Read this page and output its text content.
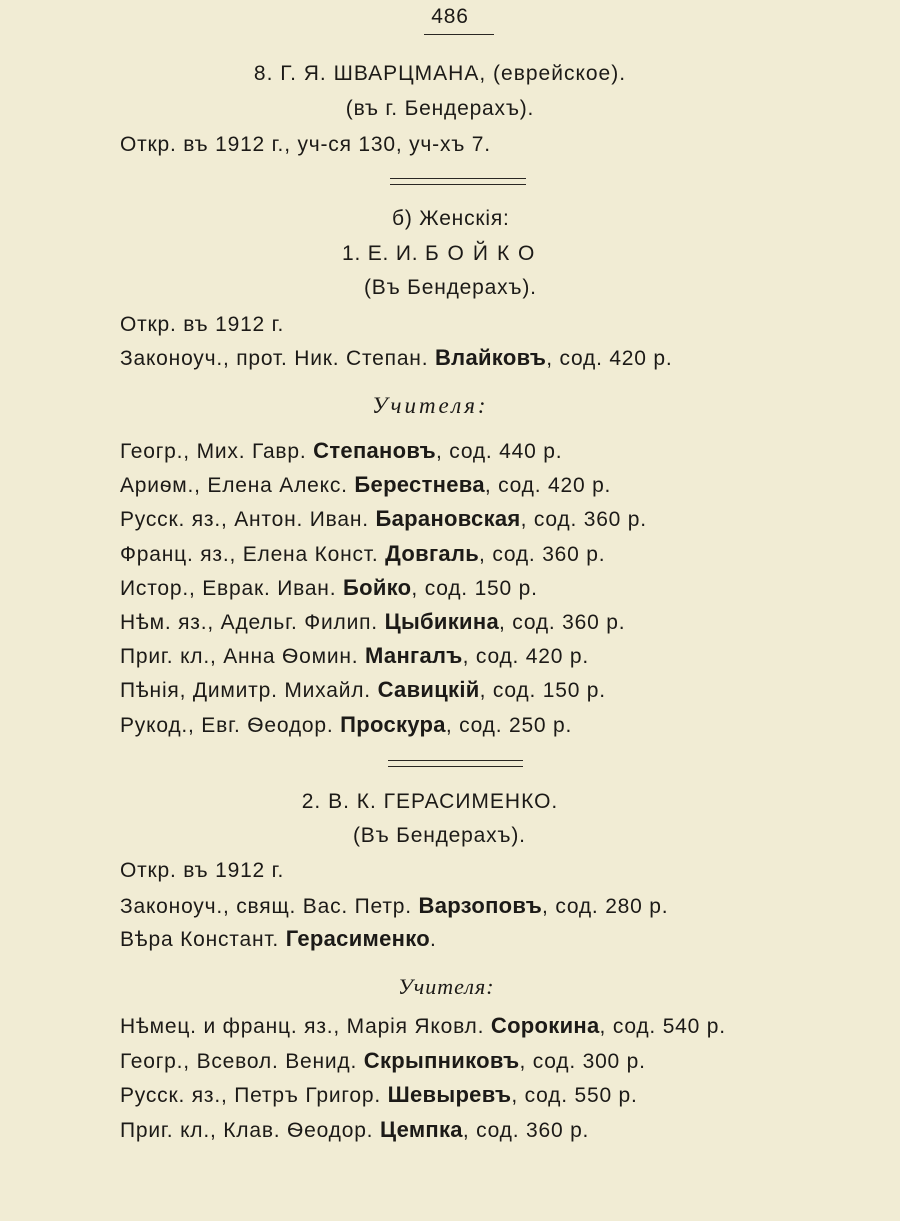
486
8. Г. Я. ШВАРЦМАНА, (еврейское).
(въ г. Бендерахъ).
Откр. въ 1912 г., уч-ся 130, уч-хъ 7.
б) Женскія:
1. Е. И. БОЙКО
(Въ Бендерахъ).
Откр. въ 1912 г.
Законоуч., прот. Ник. Степан. Влайковъ, сод. 420 р.
Учителя:
Геогр., Мих. Гавр. Степановъ, сод. 440 р.
Ариѳм., Елена Алекс. Берестнева, сод. 420 р.
Русск. яз., Антон. Иван. Барановская, сод. 360 р.
Франц. яз., Елена Конст. Довгаль, сод. 360 р.
Истор., Еврак. Иван. Бойко, сод. 150 р.
Нѣм. яз., Адельг. Филип. Цыбикина, сод. 360 р.
Приг. кл., Анна Ѳомин. Мангалъ, сод. 420 р.
Пѣнія, Димитр. Михайл. Савицкій, сод. 150 р.
Рукод., Евг. Ѳеодор. Проскура, сод. 250 р.
2. В. К. ГЕРАСИМЕНКО.
(Въ Бендерахъ).
Откр. въ 1912 г.
Законоуч., свящ. Вас. Петр. Варзоповъ, сод. 280 р.
Вѣра Констант. Герасименко.
Учителя:
Нѣмец. и франц. яз., Марія Яковл. Сорокина, сод. 540 р.
Геогр., Всевол. Венид. Скрыпниковъ, сод. 300 р.
Русск. яз., Петръ Григор. Шевыревъ, сод. 550 р.
Приг. кл., Клав. Ѳеодор. Цемпка, сод. 360 р.
